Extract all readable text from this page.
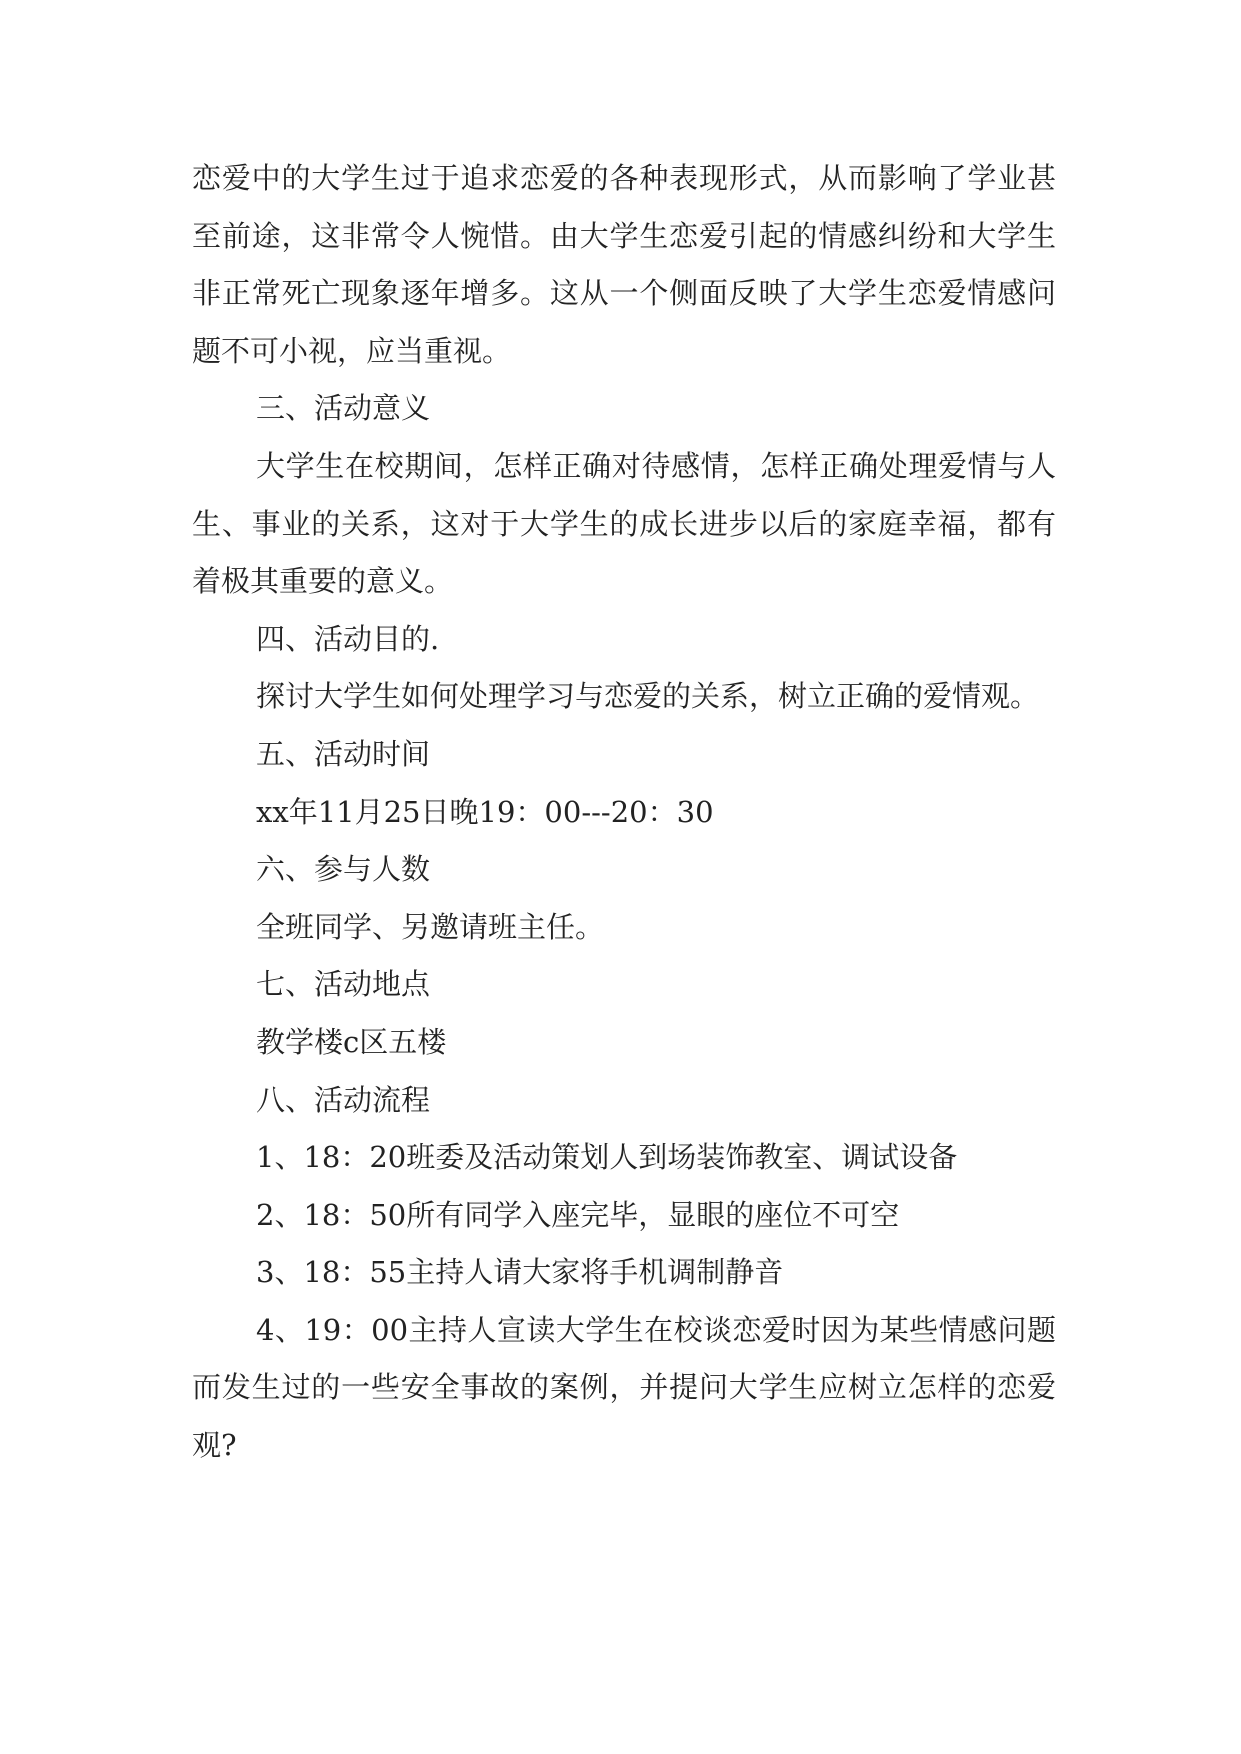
恋爱中的大学生过于追求恋爱的各种表现形式，从而影响了学业甚至前途，这非常令人惋惜。由大学生恋爱引起的情感纠纷和大学生非正常死亡现象逐年增多。这从一个侧面反映了大学生恋爱情感问题不可小视，应当重视。

三、活动意义

大学生在校期间，怎样正确对待感情，怎样正确处理爱情与人生、事业的关系，这对于大学生的成长进步以后的家庭幸福，都有着极其重要的意义。

四、活动目的.

探讨大学生如何处理学习与恋爱的关系，树立正确的爱情观。

五、活动时间

xx年11月25日晚19：00---20：30

六、参与人数

全班同学、另邀请班主任。

七、活动地点

教学楼c区五楼

八、活动流程

1、18：20班委及活动策划人到场装饰教室、调试设备

2、18：50所有同学入座完毕，显眼的座位不可空

3、18：55主持人请大家将手机调制静音

4、19：00主持人宣读大学生在校谈恋爱时因为某些情感问题而发生过的一些安全事故的案例，并提问大学生应树立怎样的恋爱观?
